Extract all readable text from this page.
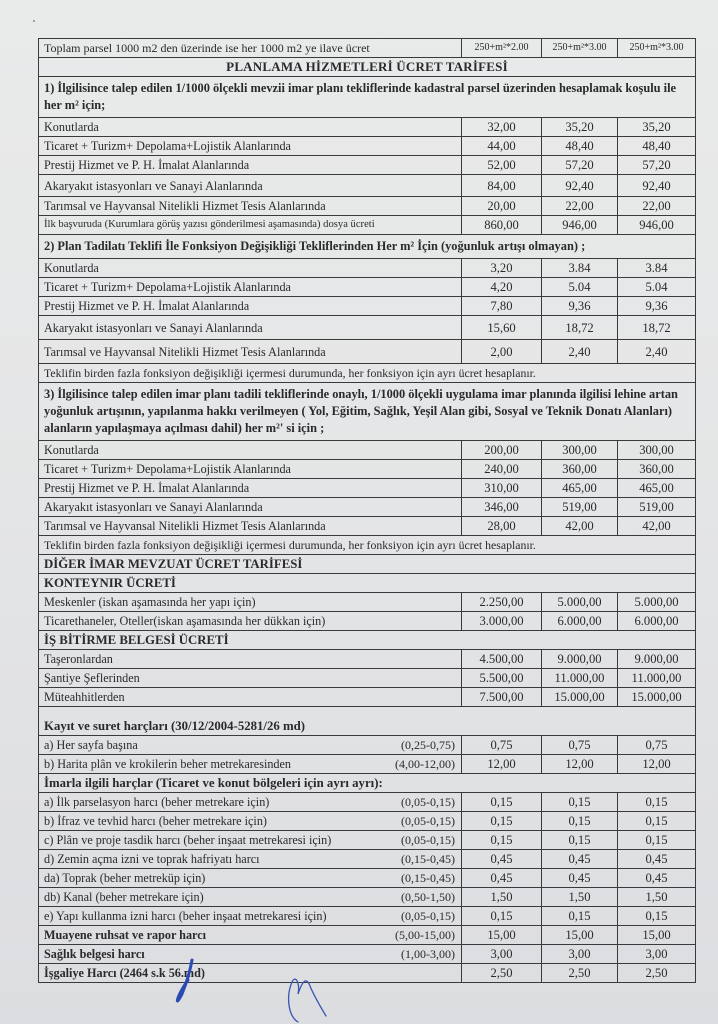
Toplam parsel 1000 m2 den üzerinde ise her 1000 m2 ye ilave ücret		250+m²*2.00	250+m²*3.00	250+m²*3.00
PLANLAMA HİZMETLERİ ÜCRET TARİFESİ				
1) İlgilisince talep edilen 1/1000 ölçekli mevzii imar planı tekliflerinde kadastral parsel üzerinden hesaplamak koşulu ile her m² için;				
Konutlarda		32,00	35,20	35,20
Ticaret + Turizm+ Depolama+Lojistik Alanlarında		44,00	48,40	48,40
Prestij Hizmet ve P. H. İmalat Alanlarında		52,00	57,20	57,20
Akaryakıt istasyonları ve Sanayi Alanlarında		84,00	92,40	92,40
Tarımsal ve Hayvansal Nitelikli Hizmet Tesis Alanlarında		20,00	22,00	22,00
İlk başvuruda (Kurumlara görüş yazısı gönderilmesi aşamasında) dosya ücreti		860,00	946,00	946,00
2) Plan Tadilatı Teklifi İle Fonksiyon Değişikliği Tekliflerinden Her m² İçin (yoğunluk artışı olmayan) ;				
Konutlarda		3,20	3.84	3.84
Ticaret + Turizm+ Depolama+Lojistik Alanlarında		4,20	5.04	5.04
Prestij Hizmet ve P. H. İmalat Alanlarında		7,80	9,36	9,36
Akaryakıt istasyonları ve Sanayi Alanlarında		15,60	18,72	18,72
Tarımsal ve Hayvansal Nitelikli Hizmet Tesis Alanlarında		2,00	2,40	2,40
Teklifin birden fazla fonksiyon değişikliği içermesi durumunda, her fonksiyon için ayrı ücret hesaplanır.				
3) İlgilisince talep edilen imar planı tadili tekliflerinde onaylı, 1/1000 ölçekli uygulama imar planında ilgilisi lehine artan yoğunluk artışının, yapılanma hakkı verilmeyen ( Yol, Eğitim, Sağlık, Yeşil Alan gibi, Sosyal ve Teknik Donatı Alanları) alanların yapılaşmaya açılması dahil) her m²' si için ;				
Konutlarda		200,00	300,00	300,00
Ticaret + Turizm+ Depolama+Lojistik Alanlarında		240,00	360,00	360,00
Prestij Hizmet ve P. H. İmalat Alanlarında		310,00	465,00	465,00
Akaryakıt istasyonları ve Sanayi Alanlarında		346,00	519,00	519,00
Tarımsal ve Hayvansal Nitelikli Hizmet Tesis Alanlarında		28,00	42,00	42,00
Teklifin birden fazla fonksiyon değişikliği içermesi durumunda, her fonksiyon için ayrı ücret hesaplanır.				
DİĞER İMAR MEVZUAT ÜCRET TARİFESİ				
KONTEYNIR ÜCRETİ				
Meskenler (iskan aşamasında her yapı için)		2.250,00	5.000,00	5.000,00
Ticarethaneler, Oteller(iskan aşamasında her dükkan için)		3.000,00	6.000,00	6.000,00
İŞ BİTİRME BELGESİ ÜCRETİ				
Taşeronlardan		4.500,00	9.000,00	9.000,00
Şantiye Şeflerinden		5.500,00	11.000,00	11.000,00
Müteahhitlerden		7.500,00	15.000,00	15.000,00
Kayıt ve suret harçları (30/12/2004-5281/26 md)				
a) Her sayfa başına	(0,25-0,75)	0,75	0,75	0,75
b) Harita plân ve krokilerin beher metrekaresinden	(4,00-12,00)	12,00	12,00	12,00
İmarla ilgili harçlar (Ticaret ve konut bölgeleri için ayrı ayrı):				
a) İlk parselasyon harcı (beher metrekare için)	(0,05-0,15)	0,15	0,15	0,15
b) İfraz ve tevhid harcı (beher metrekare için)	(0,05-0,15)	0,15	0,15	0,15
c) Plân ve proje tasdik harcı (beher inşaat metrekaresi için)	(0,05-0,15)	0,15	0,15	0,15
d) Zemin açma izni ve toprak hafriyatı harcı	(0,15-0,45)	0,45	0,45	0,45
da) Toprak (beher metreküp için)	(0,15-0,45)	0,45	0,45	0,45
db) Kanal (beher metrekare için)	(0,50-1,50)	1,50	1,50	1,50
e) Yapı kullanma izni harcı (beher inşaat metrekaresi için)	(0,05-0,15)	0,15	0,15	0,15
Muayene ruhsat ve rapor harcı	(5,00-15,00)	15,00	15,00	15,00
Sağlık belgesi harcı	(1,00-3,00)	3,00	3,00	3,00
İşgaliye Harcı (2464 s.k 56.md)		2,50	2,50	2,50
